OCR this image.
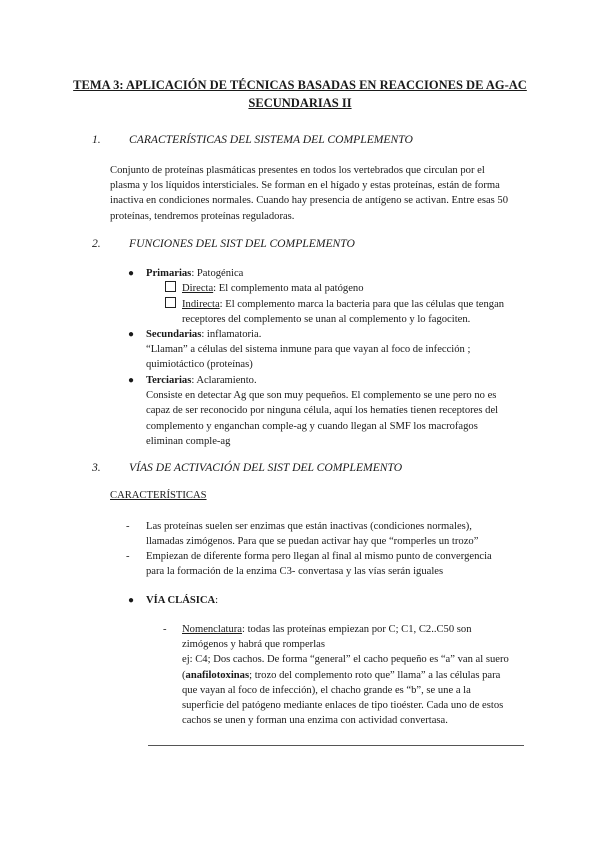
TEMA 3: APLICACIÓN DE TÉCNICAS BASADAS EN REACCIONES DE AG-AC
SECUNDARIAS II
1. CARACTERÍSTICAS DEL SISTEMA DEL COMPLEMENTO
Conjunto de proteínas plasmáticas presentes en todos los vertebrados que circulan por el
plasma y los líquidos intersticiales. Se forman en el hígado y estas proteínas, están de forma
inactiva en condiciones normales. Cuando hay presencia de antígeno se activan. Entre esas 50
proteínas, tendremos proteínas reguladoras.
2. FUNCIONES DEL SIST DEL COMPLEMENTO
● Primarias: Patogénica
Directa: El complemento mata al patógeno
Indirecta: El complemento marca la bacteria para que las células que tengan
receptores del complemento se unan al complemento y lo fagociten.
● Secundarias: inflamatoria.
“Llaman” a células del sistema inmune para que vayan al foco de infección ;
quimiotáctico (proteínas)
● Terciarias: Aclaramiento.
Consiste en detectar Ag que son muy pequeños. El complemento se une pero no es
capaz de ser reconocido por ninguna célula, aquí los hematíes tienen receptores del
complemento y enganchan comple-ag y cuando llegan al SMF los macrofagos
eliminan comple-ag
3. VÍAS DE ACTIVACIÓN DEL SIST DEL COMPLEMENTO
CARACTERÍSTICAS
- Las proteínas suelen ser enzimas que están inactivas (condiciones normales),
llamadas zimógenos. Para que se puedan activar hay que “romperles un trozo”
- Empiezan de diferente forma pero llegan al final al mismo punto de convergencia
para la formación de la enzima C3- convertasa y las vías serán iguales
● VÍA CLÁSICA:
- Nomenclatura: todas las proteínas empiezan por C; C1, C2..C50 son
zimógenos y habrá que romperlas
ej: C4; Dos cachos. De forma “general” el cacho pequeño es “a” van al suero
(anafilotoxinas; trozo del complemento roto que” llama” a las células para
que vayan al foco de infección), el chacho grande es “b”, se une a la
superficie del patógeno mediante enlaces de tipo tioéster. Cada uno de estos
cachos se unen y forman una enzima con actividad convertasa.
